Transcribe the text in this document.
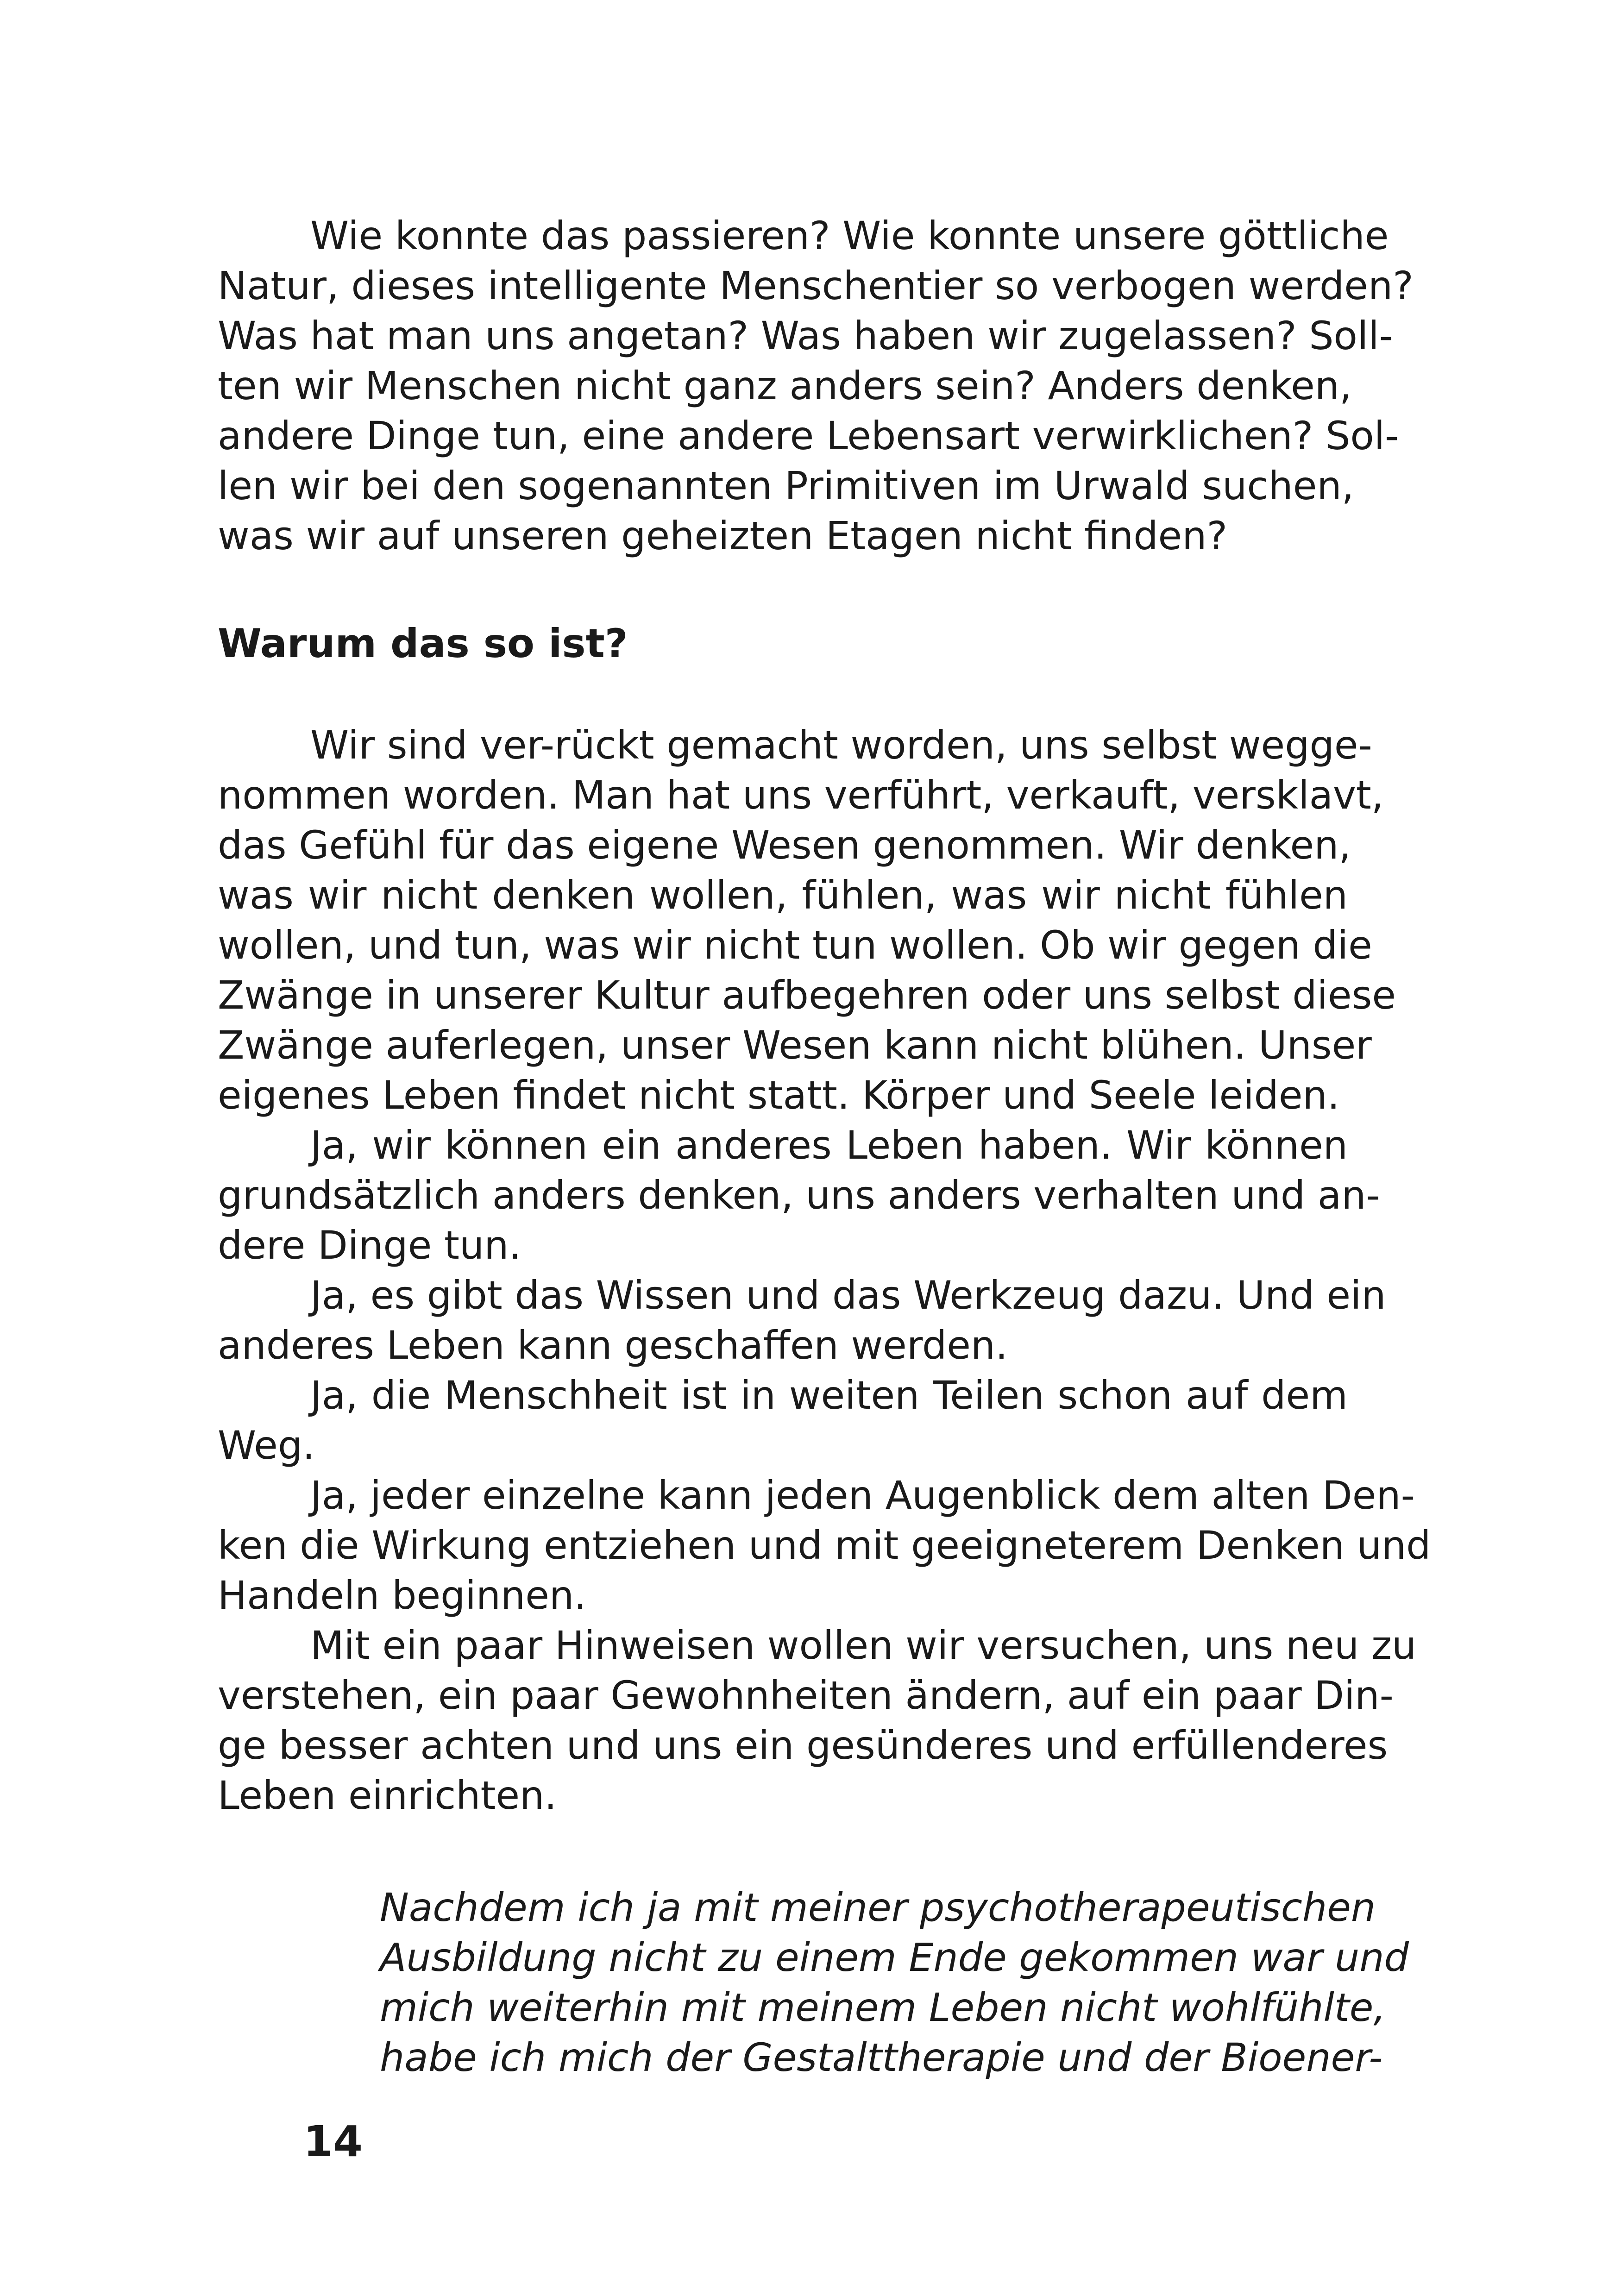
Wie konnte das passieren? Wie konnte unsere göttliche
Natur, dieses intelligente Menschentier so verbogen werden?
Was hat man uns angetan? Was haben wir zugelassen? Soll-
ten wir Menschen nicht ganz anders sein? Anders denken,
andere Dinge tun, eine andere Lebensart verwirklichen? Sol-
len wir bei den sogenannten Primitiven im Urwald suchen,
was wir auf unseren geheizten Etagen nicht finden?
Warum das so ist?
Wir sind ver-rückt gemacht worden, uns selbst wegge-
nommen worden. Man hat uns verführt, verkauft, versklavt,
das Gefühl für das eigene Wesen genommen. Wir denken,
was wir nicht denken wollen, fühlen, was wir nicht fühlen
wollen, und tun, was wir nicht tun wollen. Ob wir gegen die
Zwänge in unserer Kultur aufbegehren oder uns selbst diese
Zwänge auferlegen, unser Wesen kann nicht blühen. Unser
eigenes Leben findet nicht statt. Körper und Seele leiden.
Ja, wir können ein anderes Leben haben. Wir können
grundsätzlich anders denken, uns anders verhalten und an-
dere Dinge tun.
Ja, es gibt das Wissen und das Werkzeug dazu. Und ein
anderes Leben kann geschaffen werden.
Ja, die Menschheit ist in weiten Teilen schon auf dem
Weg.
Ja, jeder einzelne kann jeden Augenblick dem alten Den-
ken die Wirkung entziehen und mit geeigneterem Denken und
Handeln beginnen.
Mit ein paar Hinweisen wollen wir versuchen, uns neu zu
verstehen, ein paar Gewohnheiten ändern, auf ein paar Din-
ge besser achten und uns ein gesünderes und erfüllenderes
Leben einrichten.
Nachdem ich ja mit meiner psychotherapeutischen
Ausbildung nicht zu einem Ende gekommen war und
mich weiterhin mit meinem Leben nicht wohlfühlte,
habe ich mich der Gestalttherapie und der Bioener-
14
